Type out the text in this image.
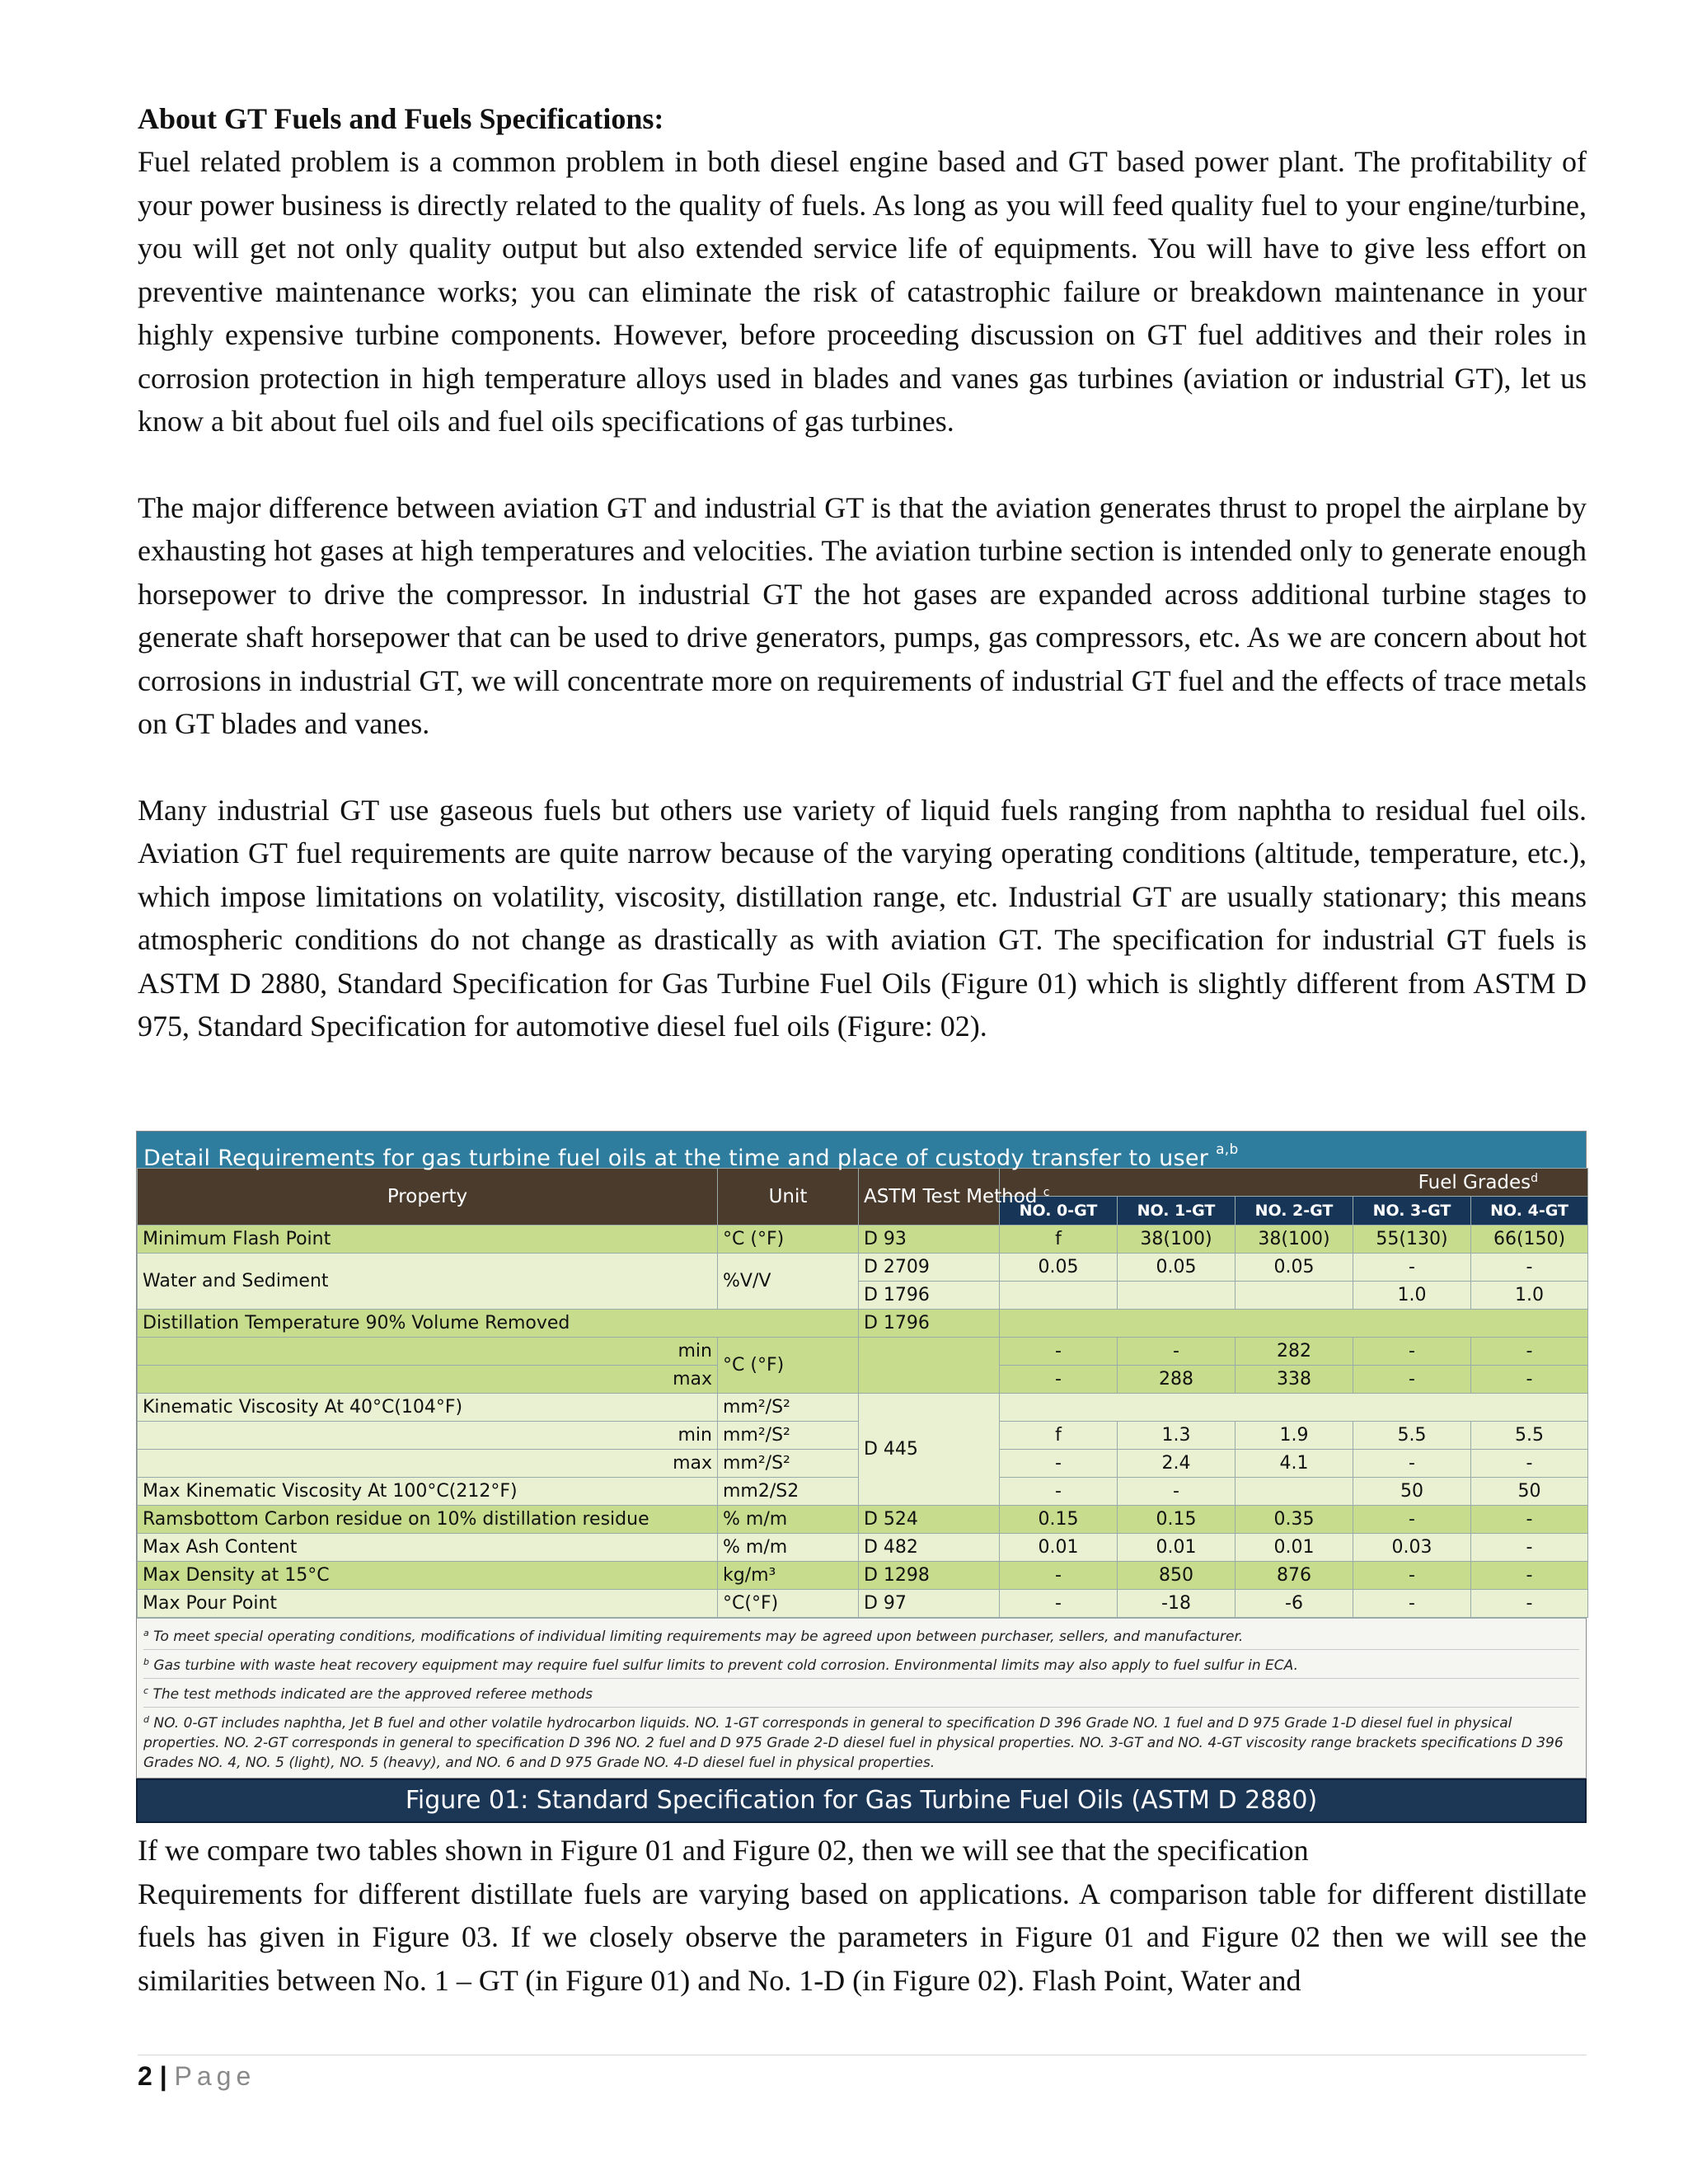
About GT Fuels and Fuels Specifications:

Fuel related problem is a common problem in both diesel engine based and GT based power plant. The profitability of your power business is directly related to the quality of fuels. As long as you will feed quality fuel to your engine/turbine, you will get not only quality output but also extended service life of equipments. You will have to give less effort on preventive maintenance works; you can eliminate the risk of catastrophic failure or breakdown maintenance in your highly expensive turbine components. However, before proceeding discussion on GT fuel additives and their roles in corrosion protection in high temperature alloys used in blades and vanes gas turbines (aviation or industrial GT), let us know a bit about fuel oils and fuel oils specifications of gas turbines.

The major difference between aviation GT and industrial GT is that the aviation generates thrust to propel the airplane by exhausting hot gases at high temperatures and velocities. The aviation turbine section is intended only to generate enough horsepower to drive the compressor. In industrial GT the hot gases are expanded across additional turbine stages to generate shaft horsepower that can be used to drive generators, pumps, gas compressors, etc. As we are concern about hot corrosions in industrial GT, we will concentrate more on requirements of industrial GT fuel and the effects of trace metals on GT blades and vanes.

Many industrial GT use gaseous fuels but others use variety of liquid fuels ranging from naphtha to residual fuel oils. Aviation GT fuel requirements are quite narrow because of the varying operating conditions (altitude, temperature, etc.), which impose limitations on volatility, viscosity, distillation range, etc. Industrial GT are usually stationary; this means atmospheric conditions do not change as drastically as with aviation GT. The specification for industrial GT fuels is ASTM D 2880, Standard Specification for Gas Turbine Fuel Oils (Figure 01) which is slightly different from ASTM D 975, Standard Specification for automotive diesel fuel oils (Figure: 02).

Detail Requirements for gas turbine fuel oils at the time and place of custody transfer to user $^{a,b}$
Property	Unit	ASTM Test Method $^c$	Fuel Grades$^d$
			NO. 0-GT	NO. 1-GT	NO. 2-GT	NO. 3-GT	NO. 4-GT
Minimum Flash Point	°C (°F)	D 93	f	38(100)	38(100)	55(130)	66(150)
Water and Sediment	%V/V	D 2709	0.05	0.05	0.05	-	-
		D 1796				1.0	1.0
Distillation Temperature 90% Volume Removed		D 1796					
min	°C (°F)		-	-	282	-	-
max			-	288	338	-	-
Kinematic Viscosity At 40°C(104°F)	mm²/S²	D 445					
min	mm²/S²		f	1.3	1.9	5.5	5.5
max	mm²/S²		-	2.4	4.1	-	-
Max Kinematic Viscosity At 100°C(212°F)	mm2/S2		-	-		50	50
Ramsbottom Carbon residue on 10% distillation residue	% m/m	D 524	0.15	0.15	0.35	-	-
Max Ash Content	% m/m	D 482	0.01	0.01	0.01	0.03	-
Max Density at 15°C	kg/m³	D 1298	-	850	876	-	-
Max Pour Point	°C(°F)	D 97	-	-18	-6	-	-
$^a$ To meet special operating conditions, modifications of individual limiting requirements may be agreed upon between purchaser, sellers, and manufacturer.
$^b$ Gas turbine with waste heat recovery equipment may require fuel sulfur limits to prevent cold corrosion. Environmental limits may also apply to fuel sulfur in ECA.
$^c$ The test methods indicated are the approved referee methods
$^d$ NO. 0-GT includes naphtha, Jet B fuel and other volatile hydrocarbon liquids. NO. 1-GT corresponds in general to specification D 396 Grade NO. 1 fuel and D 975 Grade 1-D diesel fuel in physical properties. NO. 2-GT corresponds in general to specification D 396 NO. 2 fuel and D 975 Grade 2-D diesel fuel in physical properties. NO. 3-GT and NO. 4-GT viscosity range brackets specifications D 396 Grades NO. 4, NO. 5 (light), NO. 5 (heavy), and NO. 6 and D 975 Grade NO. 4-D diesel fuel in physical properties.
Figure 01: Standard Specification for Gas Turbine Fuel Oils (ASTM D 2880)

If we compare two tables shown in Figure 01 and Figure 02, then we will see that the specification

Requirements for different distillate fuels are varying based on applications. A comparison table for different distillate fuels has given in Figure 03. If we closely observe the parameters in Figure 01 and Figure 02 then we will see the similarities between No. 1 – GT (in Figure 01) and No. 1-D (in Figure 02). Flash Point, Water and

2 | Page
